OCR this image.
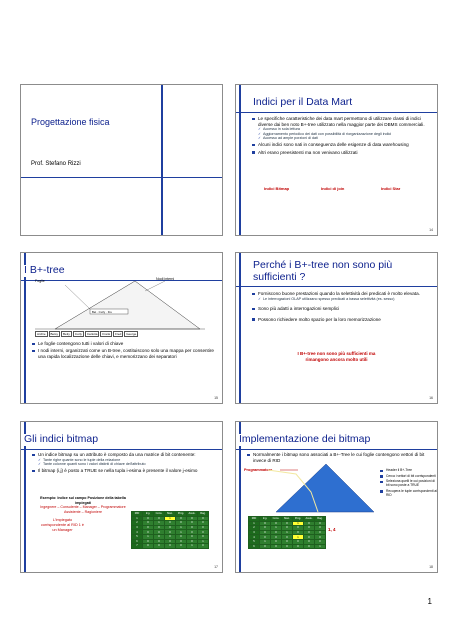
Progettazione fisica
Prof. Stefano Rizzi
Indici per il Data Mart
Le specifiche caratteristiche dei data mart permettono di utilizzare classi di indici diverse dai ben noto B+-tree utilizzato nella maggior parte dei DBMS commerciali.
✓ Accesso in sola lettura
✓ Aggiornamento periodico dei dati con possibilità di riorganizzazione degli indici
✓ Accesso ad ampie porzioni di dati
Alcuni indici sono nati in conseguenza delle esigenze di data warehousing
Altri erano preesistenti ma non venivano utilizzati
Indici Bitmap	Indici di join	Indici Star
14
I B+-tree
Foglie	Nodi interni
Bet · Curly · Fre
Archie	Betsy	Betty	Curly	Carlotta	Frank	Fred	George
Le foglie contengono tutti i valori di chiave
I nodi interni, organizzati come un B-tree, costituiscono solo una mappa per consentire una rapida localizzazione delle chiavi, e memorizzano dei separatori
15
Perché i B+-tree non sono più sufficienti ?
Forniscono buone prestazioni quando la selettività dei predicati è molto elevata.
✓ Le interrogazioni OLAP utilizzano spesso predicati a bassa selettività (es. sesso)
Sono più adatti a interrogazioni semplici
Possono richiedere molto spazio per la loro memorizzazione
I B+-tree non sono più sufficienti ma
rimangono ancora molto utili
16
Gli indici bitmap
Un indice bitmap su un attributo è composto da una matrice di bit contenente:
✓ Tante righe quante sono le tuple della relazione
✓ Tante colonne quanti sono i valori distinti di chiave dell'attributo
Il bitmap (i,j) è posto a TRUE se nella tupla i-esima è presente il valore j-esimo
Esempio: Indice sul campo Posizione della tabella impiegati
Ingegnere – Consulente – Manager – Programmatore
Assistente – Ragioniere
L'impiegato
corrispondente al RID 1 è
un Manager
RID	Ing.	Cons.	Man.	Prog.	Assis.	Rag.
1	0	0	1	0	0	0
2	0	1	0	0	0	0
3	0	0	0	1	0	0
4	0	0	0	1	0	0
5	1	0	0	0	0	0
6	0	0	0	0	0	1
7	0	0	0	0	1	0
17
Implementazione dei bitmap
Normalmente i bitmap sono associati a B+-Tree le cui foglie contengono vettori di bit invece di RID
Programmatore	Header il B+-Tree
Cerca i vettori di bit corrispondenti
Seleziona quelli le cui posizioni di bit sono poste a TRUE
Recupera le tuple corrispondenti ai RID
RID	Ing.	Cons.	Man.	Prog.	Assis.	Rag.
1	0	0	0	1	0	0
2	0	1	0	0	0	0
3	0	0	1	0	0	0
4	0	0	0	1	0	0
5	1	0	0	0	0	0
6	0	0	0	0	0	1
1, 4
18
1
